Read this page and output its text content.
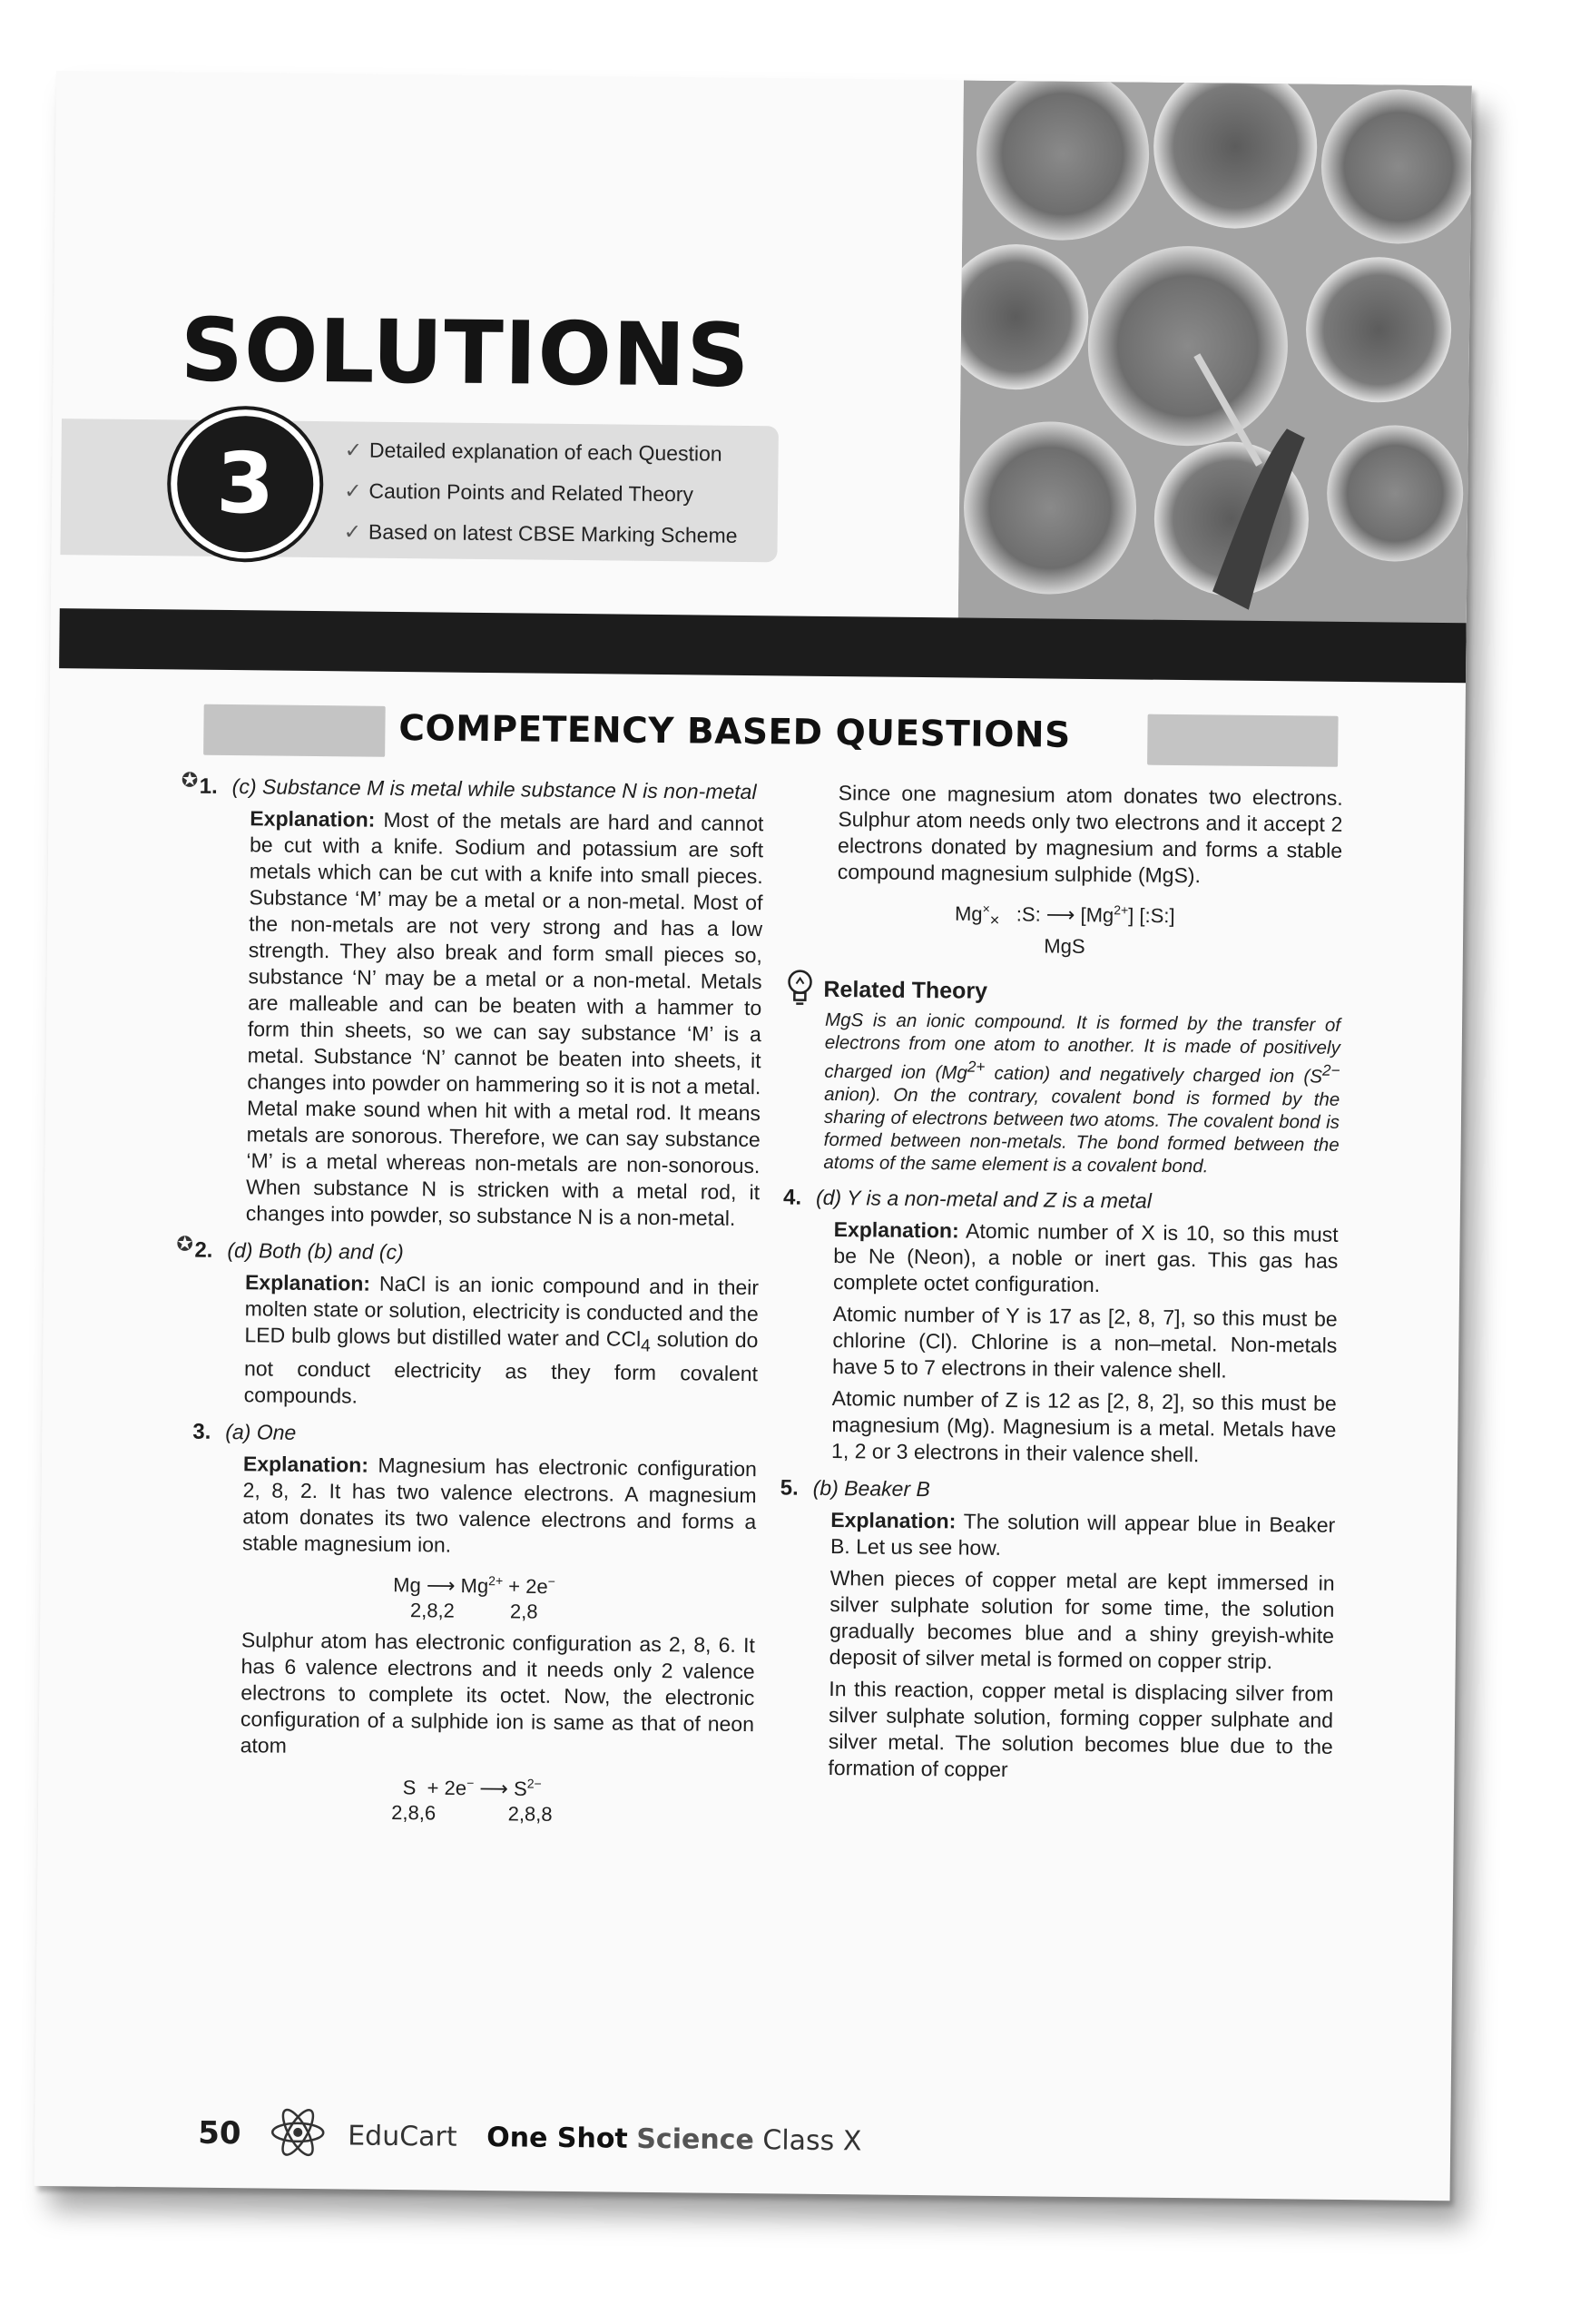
SOLUTIONS
3	✓ Detailed explanation of each Question
✓ Caution Points and Related Theory
✓ Based on latest CBSE Marking Scheme
COMPETENCY BASED QUESTIONS
✪ 1. (c) Substance M is metal while substance N is non-metal
Explanation: Most of the metals are hard and cannot be cut with a knife. Sodium and potassium are soft metals which can be cut with a knife into small pieces. Substance ‘M’ may be a metal or a non-metal. Most of the non-metals are not very strong and has a low strength. They also break and form small pieces so, substance ‘N’ may be a metal or a non-metal. Metals are malleable and can be beaten with a hammer to form thin sheets, so we can say substance ‘M’ is a metal. Substance ‘N’ cannot be beaten into sheets, it changes into powder on hammering so it is not a metal. Metal make sound when hit with a metal rod. It means metals are sonorous. Therefore, we can say substance ‘M’ is a metal whereas non-metals are non-sonorous. When substance N is stricken with a metal rod, it changes into powder, so substance N is a non-metal.
✪ 2. (d) Both (b) and (c)
Explanation: NaCl is an ionic compound and in their molten state or solution, electricity is conducted and the LED bulb glows but distilled water and CCl$_4$ solution do not conduct electricity as they form covalent compounds.
3. (a) One
Explanation: Magnesium has electronic configuration 2, 8, 2. It has two valence electrons. A magnesium atom donates its two valence electrons and forms a stable magnesium ion.
Mg ⟶ $Mg^{2+} + 2e^-$
2,8,2	2,8
Sulphur atom has electronic configuration as 2, 8, 6. It has 6 valence electrons and it needs only 2 valence electrons to complete its octet. Now, the electronic configuration of a sulphide ion is same as that of neon atom
S + 2e− ⟶ $S^{2-}$
2,8,6	2,8,8
Since one magnesium atom donates two electrons. Sulphur atom needs only two electrons and it accept 2 electrons donated by magnesium and forms a stable compound magnesium sulphide (MgS).
$Mg^\times_\times$   :S: ⟶ $[Mg^{2+}]$ [:S:]
MgS
Related Theory
MgS is an ionic compound. It is formed by the transfer of electrons from one atom to another. It is made of positively charged ion ($Mg^{2+}$ cation) and negatively charged ion ($S^{2-}$ anion). On the contrary, covalent bond is formed by the sharing of electrons between two atoms. The covalent bond is formed between non-metals. The bond formed between the atoms of the same element is a covalent bond.
4. (d) Y is a non-metal and Z is a metal
Explanation: Atomic number of X is 10, so this must be Ne (Neon), a noble or inert gas. This gas has complete octet configuration.
Atomic number of Y is 17 as [2, 8, 7], so this must be chlorine (Cl). Chlorine is a non–metal. Non-metals have 5 to 7 electrons in their valence shell.
Atomic number of Z is 12 as [2, 8, 2], so this must be magnesium (Mg). Magnesium is a metal. Metals have 1, 2 or 3 electrons in their valence shell.
5. (b) Beaker B
Explanation: The solution will appear blue in Beaker B. Let us see how.
When pieces of copper metal are kept immersed in silver sulphate solution for some time, the solution gradually becomes blue and a shiny greyish-white deposit of silver metal is formed on copper strip.
In this reaction, copper metal is displacing silver from silver sulphate solution, forming copper sulphate and silver metal. The solution becomes blue due to the formation of copper
50	EduCart One Shot Science Class X
